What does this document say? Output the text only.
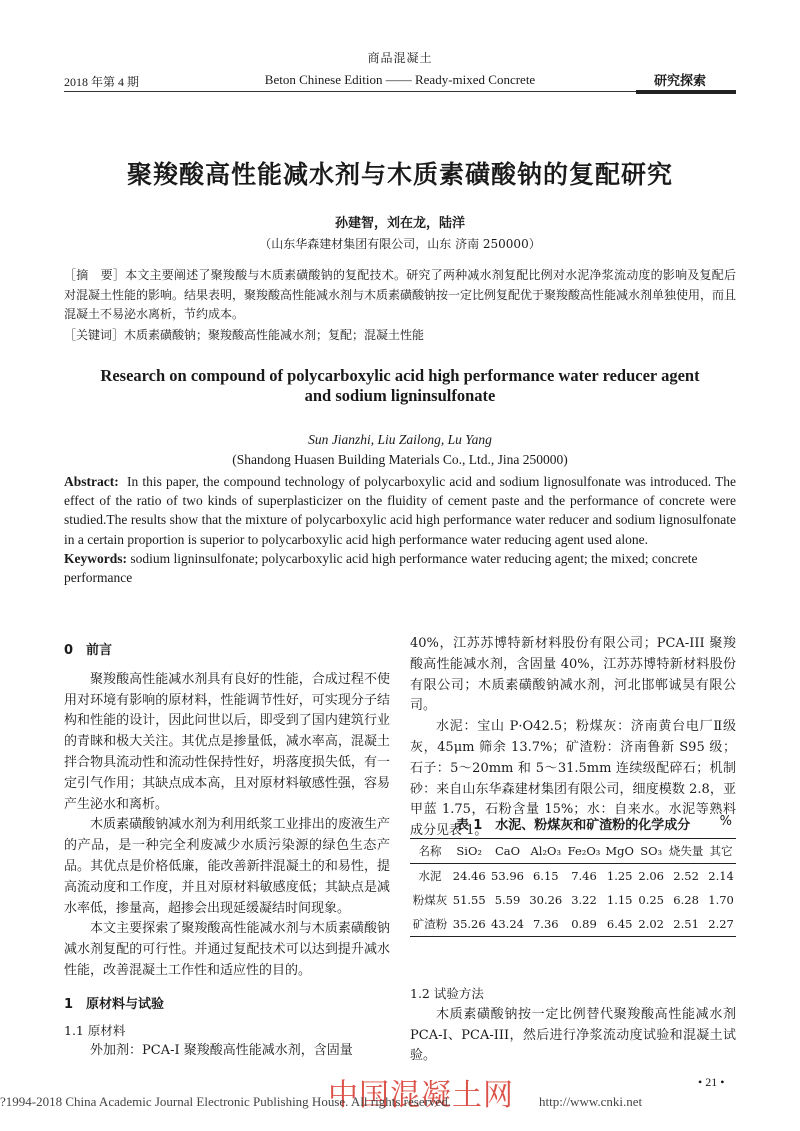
商品混凝土
2018 年第 4 期	Beton Chinese Edition —— Ready-mixed Concrete	研究探索
聚羧酸高性能减水剂与木质素磺酸钠的复配研究
孙建智，刘在龙，陆洋
（山东华森建材集团有限公司，山东 济南 250000）
［摘　要］本文主要阐述了聚羧酸与木质素磺酸钠的复配技术。研究了两种减水剂复配比例对水泥净浆流动度的影响及复配后对混凝土性能的影响。结果表明，聚羧酸高性能减水剂与木质素磺酸钠按一定比例复配优于聚羧酸高性能减水剂单独使用，而且混凝土不易泌水离析，节约成本。
［关键词］木质素磺酸钠；聚羧酸高性能减水剂；复配；混凝土性能
Research on compound of polycarboxylic acid high performance water reducer agent
and sodium ligninsulfonate
Sun Jianzhi, Liu Zailong, Lu Yang
(Shandong Huasen Building Materials Co., Ltd., Jina 250000)
Abstract: In this paper, the compound technology of polycarboxylic acid and sodium lignosulfonate was introduced. The effect of the ratio of two kinds of superplasticizer on the fluidity of cement paste and the performance of concrete were studied.The results show that the mixture of polycarboxylic acid high performance water reducer and sodium lignosulfonate in a certain proportion is superior to polycarboxylic acid high performance water reducing agent used alone.
Keywords: sodium ligninsulfonate; polycarboxylic acid high performance water reducing agent; the mixed; concrete performance
0　前言

聚羧酸高性能减水剂具有良好的性能，合成过程不使用对环境有影响的原材料，性能调节性好，可实现分子结构和性能的设计，因此问世以后，即受到了国内建筑行业的青睐和极大关注。其优点是掺量低，减水率高，混凝土拌合物具流动性和流动性保持性好，坍落度损失低，有一定引气作用；其缺点成本高，且对原材料敏感性强，容易产生泌水和离析。

木质素磺酸钠减水剂为利用纸浆工业排出的废液生产的产品，是一种完全利废减少水质污染源的绿色生态产品。其优点是价格低廉，能改善新拌混凝土的和易性，提高流动度和工作度，并且对原材料敏感度低；其缺点是减水率低，掺量高，超掺会出现延缓凝结时间现象。

本文主要探索了聚羧酸高性能减水剂与木质素磺酸钠减水剂复配的可行性。并通过复配技术可以达到提升减水性能，改善混凝土工作性和适应性的目的。

1　原材料与试验
1.1 原材料

外加剂：PCA-I 聚羧酸高性能减水剂，含固量

40%，江苏苏博特新材料股份有限公司；PCA-III 聚羧酸高性能减水剂，含固量 40%，江苏苏博特新材料股份有限公司；木质素磺酸钠减水剂，河北邯郸诚昊有限公司。

水泥：宝山 P·O42.5；粉煤灰：济南黄台电厂Ⅱ级灰，45μm 筛余 13.7%；矿渣粉：济南鲁新 S95 级；石子：5～20mm 和 5～31.5mm 连续级配碎石；机制砂：来自山东华森建材集团有限公司，细度模数 2.8，亚甲蓝 1.75，石粉含量 15%；水：自来水。水泥等熟料成分见表 1。

表 1　水泥、粉煤灰和矿渣粉的化学成分 %
名称	SiO₂	CaO	Al₂O₃	Fe₂O₃	MgO	SO₃	烧失量	其它
水泥	24.46	53.96	6.15	7.46	1.25	2.06	2.52	2.14
粉煤灰	51.55	5.59	30.26	3.22	1.15	0.25	6.28	1.70
矿渣粉	35.26	43.24	7.36	0.89	6.45	2.02	2.51	2.27
1.2 试验方法

木质素磺酸钠按一定比例替代聚羧酸高性能减水剂 PCA-I、PCA-III，然后进行净浆流动度试验和混凝土试验。

• 21 •
中国混凝土网
?1994-2018 China Academic Journal Electronic Publishing House. All rights reserved.	http://www.cnki.net
